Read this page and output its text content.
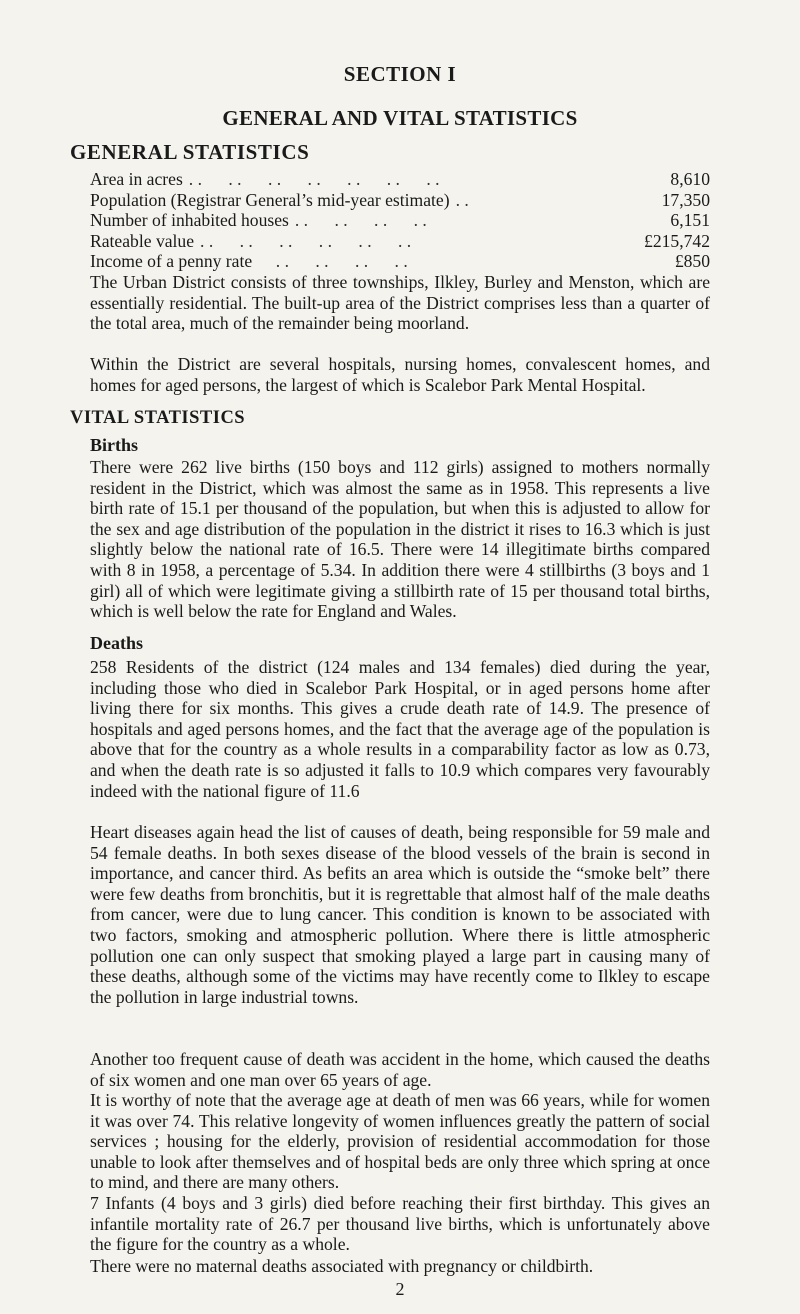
SECTION I
GENERAL AND VITAL STATISTICS
GENERAL STATISTICS
Area in acres . .      . .      . .      . .      . .      . .      . .	8,610
Population (Registrar General’s mid-year estimate) . .	17,350
Number of inhabited houses . .      . .      . .      . .	6,151
Rateable value . .      . .      . .      . .      . .      . .	£215,742
Income of a penny rate . .      . .      . .      . .	£850

The Urban District consists of three townships, Ilkley, Burley and Menston, which are essentially residential. The built-up area of the District comprises less than a quarter of the total area, much of the remainder being moorland.

Within the District are several hospitals, nursing homes, convalescent homes, and homes for aged persons, the largest of which is Scalebor Park Mental Hospital.

VITAL STATISTICS
Births

There were 262 live births (150 boys and 112 girls) assigned to mothers normally resident in the District, which was almost the same as in 1958. This represents a live birth rate of 15.1 per thousand of the population, but when this is adjusted to allow for the sex and age distribution of the population in the district it rises to 16.3 which is just slightly below the national rate of 16.5. There were 14 illegitimate births compared with 8 in 1958, a percentage of 5.34. In addition there were 4 stillbirths (3 boys and 1 girl) all of which were legitimate giving a stillbirth rate of 15 per thousand total births, which is well below the rate for England and Wales.

Deaths

258 Residents of the district (124 males and 134 females) died during the year, including those who died in Scalebor Park Hospital, or in aged persons home after living there for six months. This gives a crude death rate of 14.9. The presence of hospitals and aged persons homes, and the fact that the average age of the population is above that for the country as a whole results in a comparability factor as low as 0.73, and when the death rate is so adjusted it falls to 10.9 which compares very favourably indeed with the national figure of 11.6

Heart diseases again head the list of causes of death, being responsible for 59 male and 54 female deaths. In both sexes disease of the blood vessels of the brain is second in importance, and cancer third. As befits an area which is outside the “smoke belt” there were few deaths from bronchitis, but it is regrettable that almost half of the male deaths from cancer, were due to lung cancer. This condition is known to be associated with two factors, smoking and atmospheric pollution. Where there is little atmospheric pollution one can only suspect that smoking played a large part in causing many of these deaths, although some of the victims may have recently come to Ilkley to escape the pollution in large industrial towns.

Another too frequent cause of death was accident in the home, which caused the deaths of six women and one man over 65 years of age.

It is worthy of note that the average age at death of men was 66 years, while for women it was over 74. This relative longevity of women influences greatly the pattern of social services ; housing for the elderly, provision of residential accommodation for those unable to look after themselves and of hospital beds are only three which spring at once to mind, and there are many others.

7 Infants (4 boys and 3 girls) died before reaching their first birthday. This gives an infantile mortality rate of 26.7 per thousand live births, which is unfortunately above the figure for the country as a whole.

There were no maternal deaths associated with pregnancy or childbirth.

2
